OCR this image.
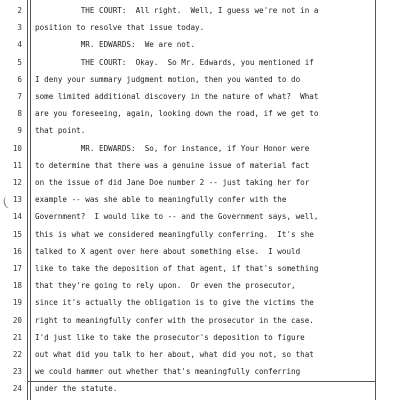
(
2 THE COURT:  All right.  Well, I guess we're not in a
3 position to resolve that issue today.
4 MR. EDWARDS:  We are not.
5 THE COURT:  Okay.  So Mr. Edwards, you mentioned if
6 I deny your summary judgment motion, then you wanted to do
7 some limited additional discovery in the nature of what?  What
8 are you foreseeing, again, looking down the road, if we get to
9 that point.
10 MR. EDWARDS:  So, for instance, if Your Honor were
11 to determine that there was a genuine issue of material fact
12 on the issue of did Jane Doe number 2 -- just taking her for
13 example -- was she able to meaningfully confer with the
14 Government?  I would like to -- and the Government says, well,
15 this is what we considered meaningfully conferring.  It's she
16 talked to X agent over here about something else.  I would
17 like to take the deposition of that agent, if that's something
18 that they're going to rely upon.  Or even the prosecutor,
19 since it's actually the obligation is to give the victims the
20 right to meaningfully confer with the prosecutor in the case.
21 I'd just like to take the prosecutor's deposition to figure
22 out what did you talk to her about, what did you not, so that
23 we could hammer out whether that's meaningfully conferring
24 under the statute.
